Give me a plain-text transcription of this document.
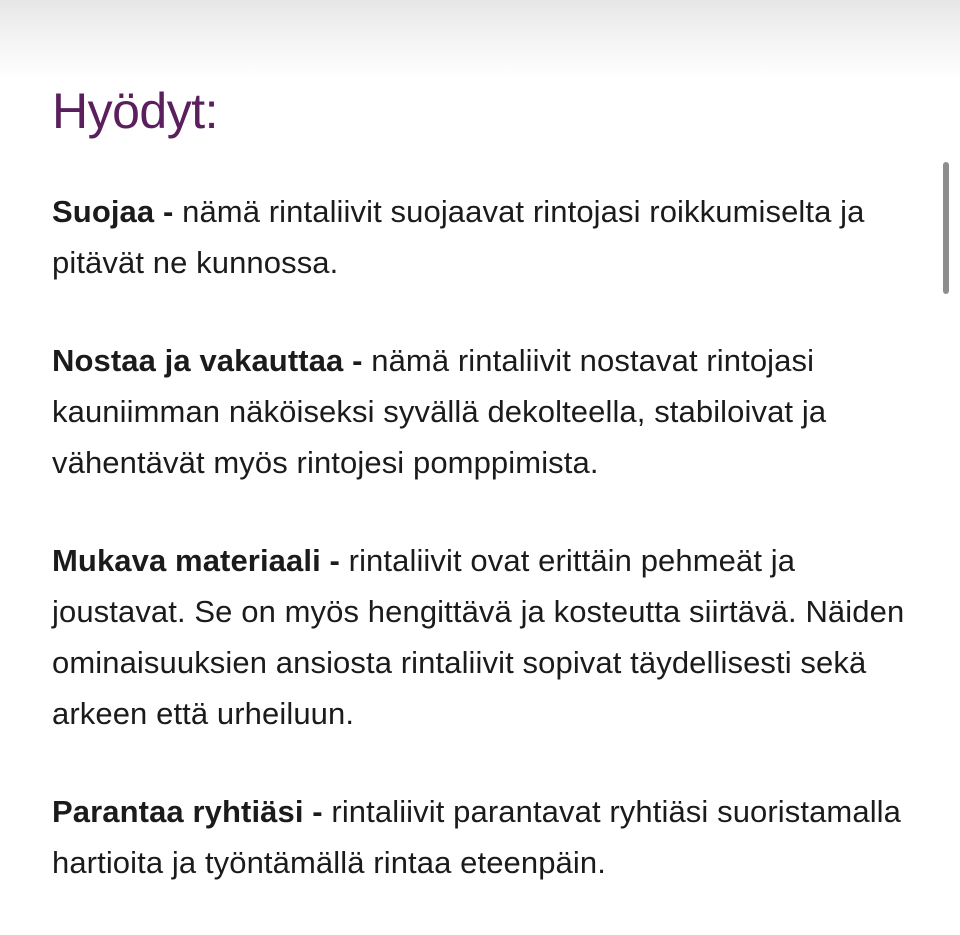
Hyödyt:

Suojaa - nämä rintaliivit suojaavat rintojasi roikkumiselta ja pitävät ne kunnossa.

Nostaa ja vakauttaa - nämä rintaliivit nostavat rintojasi kauniimman näköiseksi syvällä dekolteella, stabiloivat ja vähentävät myös rintojesi pomppimista.

Mukava materiaali - rintaliivit ovat erittäin pehmeät ja joustavat. Se on myös hengittävä ja kosteutta siirtävä. Näiden ominaisuuksien ansiosta rintaliivit sopivat täydellisesti sekä arkeen että urheiluun.

Parantaa ryhtiäsi - rintaliivit parantavat ryhtiäsi suoristamalla hartioita ja työntämällä rintaa eteenpäin.
